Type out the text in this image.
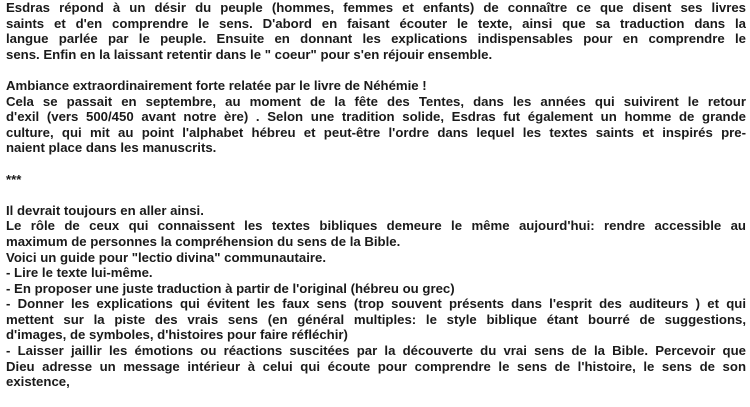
Esdras répond à un désir du peuple (hommes, femmes et enfants) de connaître ce que disent ses livres
saints et d'en comprendre le sens. D'abord en faisant écouter le texte, ainsi que sa traduction dans la
langue parlée par le peuple. Ensuite en donnant les explications indispensables pour en comprendre le
sens. Enfin en la laissant retentir dans le " coeur" pour s'en réjouir ensemble.
Ambiance extraordinairement forte relatée par le livre de Néhémie !
Cela se passait en septembre, au moment de la fête des Tentes, dans les années qui suivirent le retour
d'exil (vers 500/450 avant notre ère) . Selon une tradition solide, Esdras fut également un homme de grande
culture, qui mit au point l'alphabet hébreu et peut-être l'ordre dans lequel les textes saints et inspirés pre-
naient place dans les manuscrits.
***
Il devrait toujours en aller ainsi.
Le rôle de ceux qui connaissent les textes bibliques demeure le même aujourd'hui: rendre accessible au
maximum de personnes la compréhension du sens de la Bible.
Voici un guide pour "lectio divina" communautaire.
- Lire le texte lui-même.
- En proposer une juste traduction à partir de l'original (hébreu ou grec)
- Donner les explications qui évitent les faux sens (trop souvent présents dans l'esprit des auditeurs ) et qui
mettent sur la piste des vrais sens (en général multiples: le style biblique étant bourré de suggestions,
d'images, de symboles, d'histoires pour faire réfléchir)
- Laisser jaillir les émotions ou réactions suscitées par la découverte du vrai sens de la Bible. Percevoir que
Dieu adresse un message intérieur à celui qui écoute pour comprendre le sens de l'histoire, le sens de son
existence,
